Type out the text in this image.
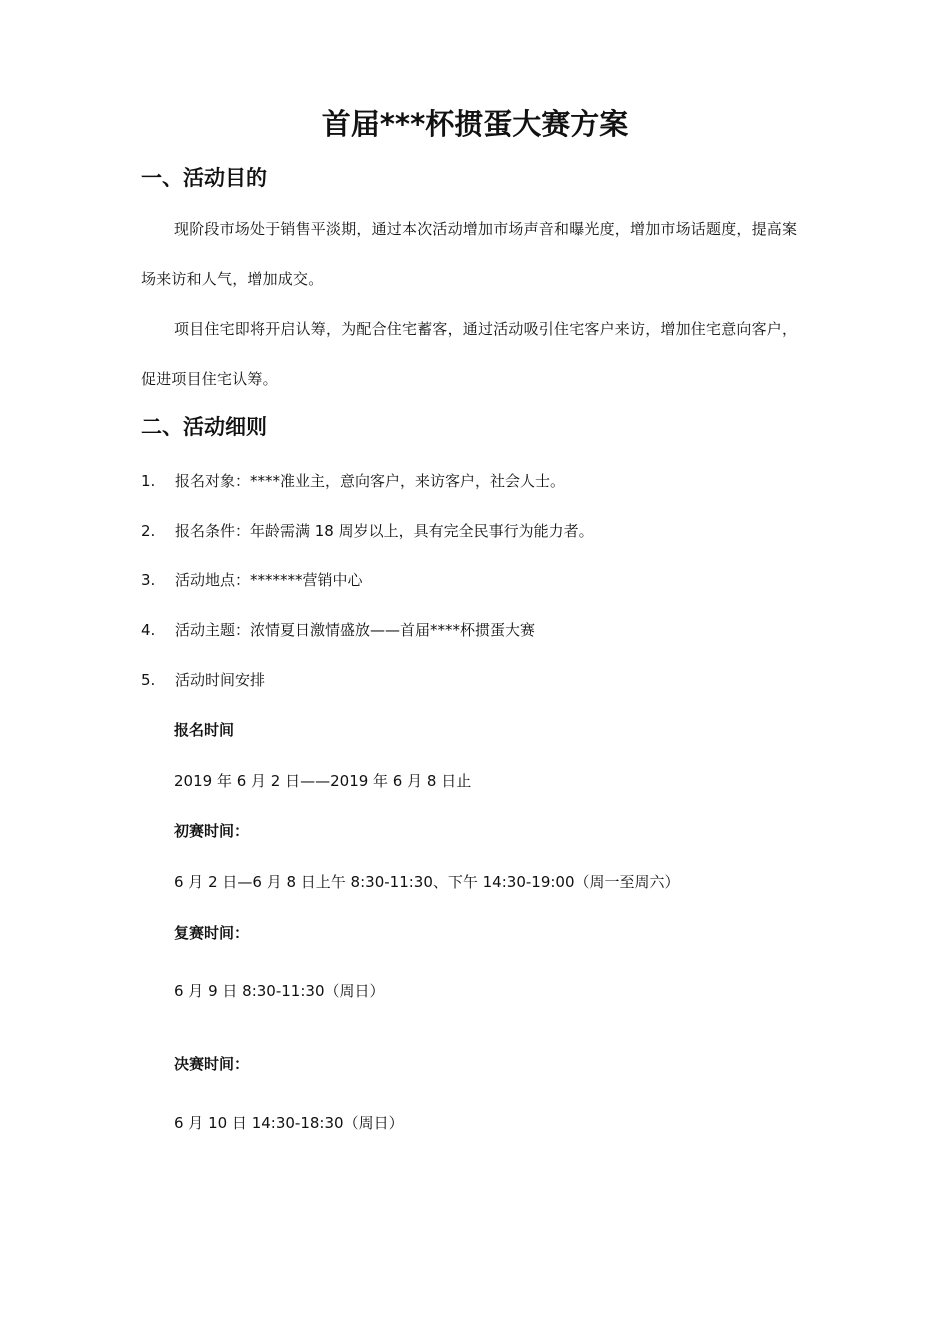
首届***杯掼蛋大赛方案
一、活动目的

现阶段市场处于销售平淡期，通过本次活动增加市场声音和曝光度，增加市场话题度，提高案场来访和人气，增加成交。

项目住宅即将开启认筹，为配合住宅蓄客，通过活动吸引住宅客户来访，增加住宅意向客户，促进项目住宅认筹。

二、活动细则
1. 报名对象：****准业主，意向客户，来访客户，社会人士。
2. 报名条件：年龄需满 18 周岁以上，具有完全民事行为能力者。
3. 活动地点：*******营销中心
4. 活动主题：浓情夏日激情盛放——首届****杯掼蛋大赛
5. 活动时间安排

报名时间

2019 年 6 月 2 日——2019 年 6 月 8 日止

初赛时间：

6 月 2 日—6 月 8 日上午 8:30-11:30、下午 14:30-19:00（周一至周六）

复赛时间：

6 月 9 日 8:30-11:30（周日）

决赛时间：

6 月 10 日 14:30-18:30（周日）
